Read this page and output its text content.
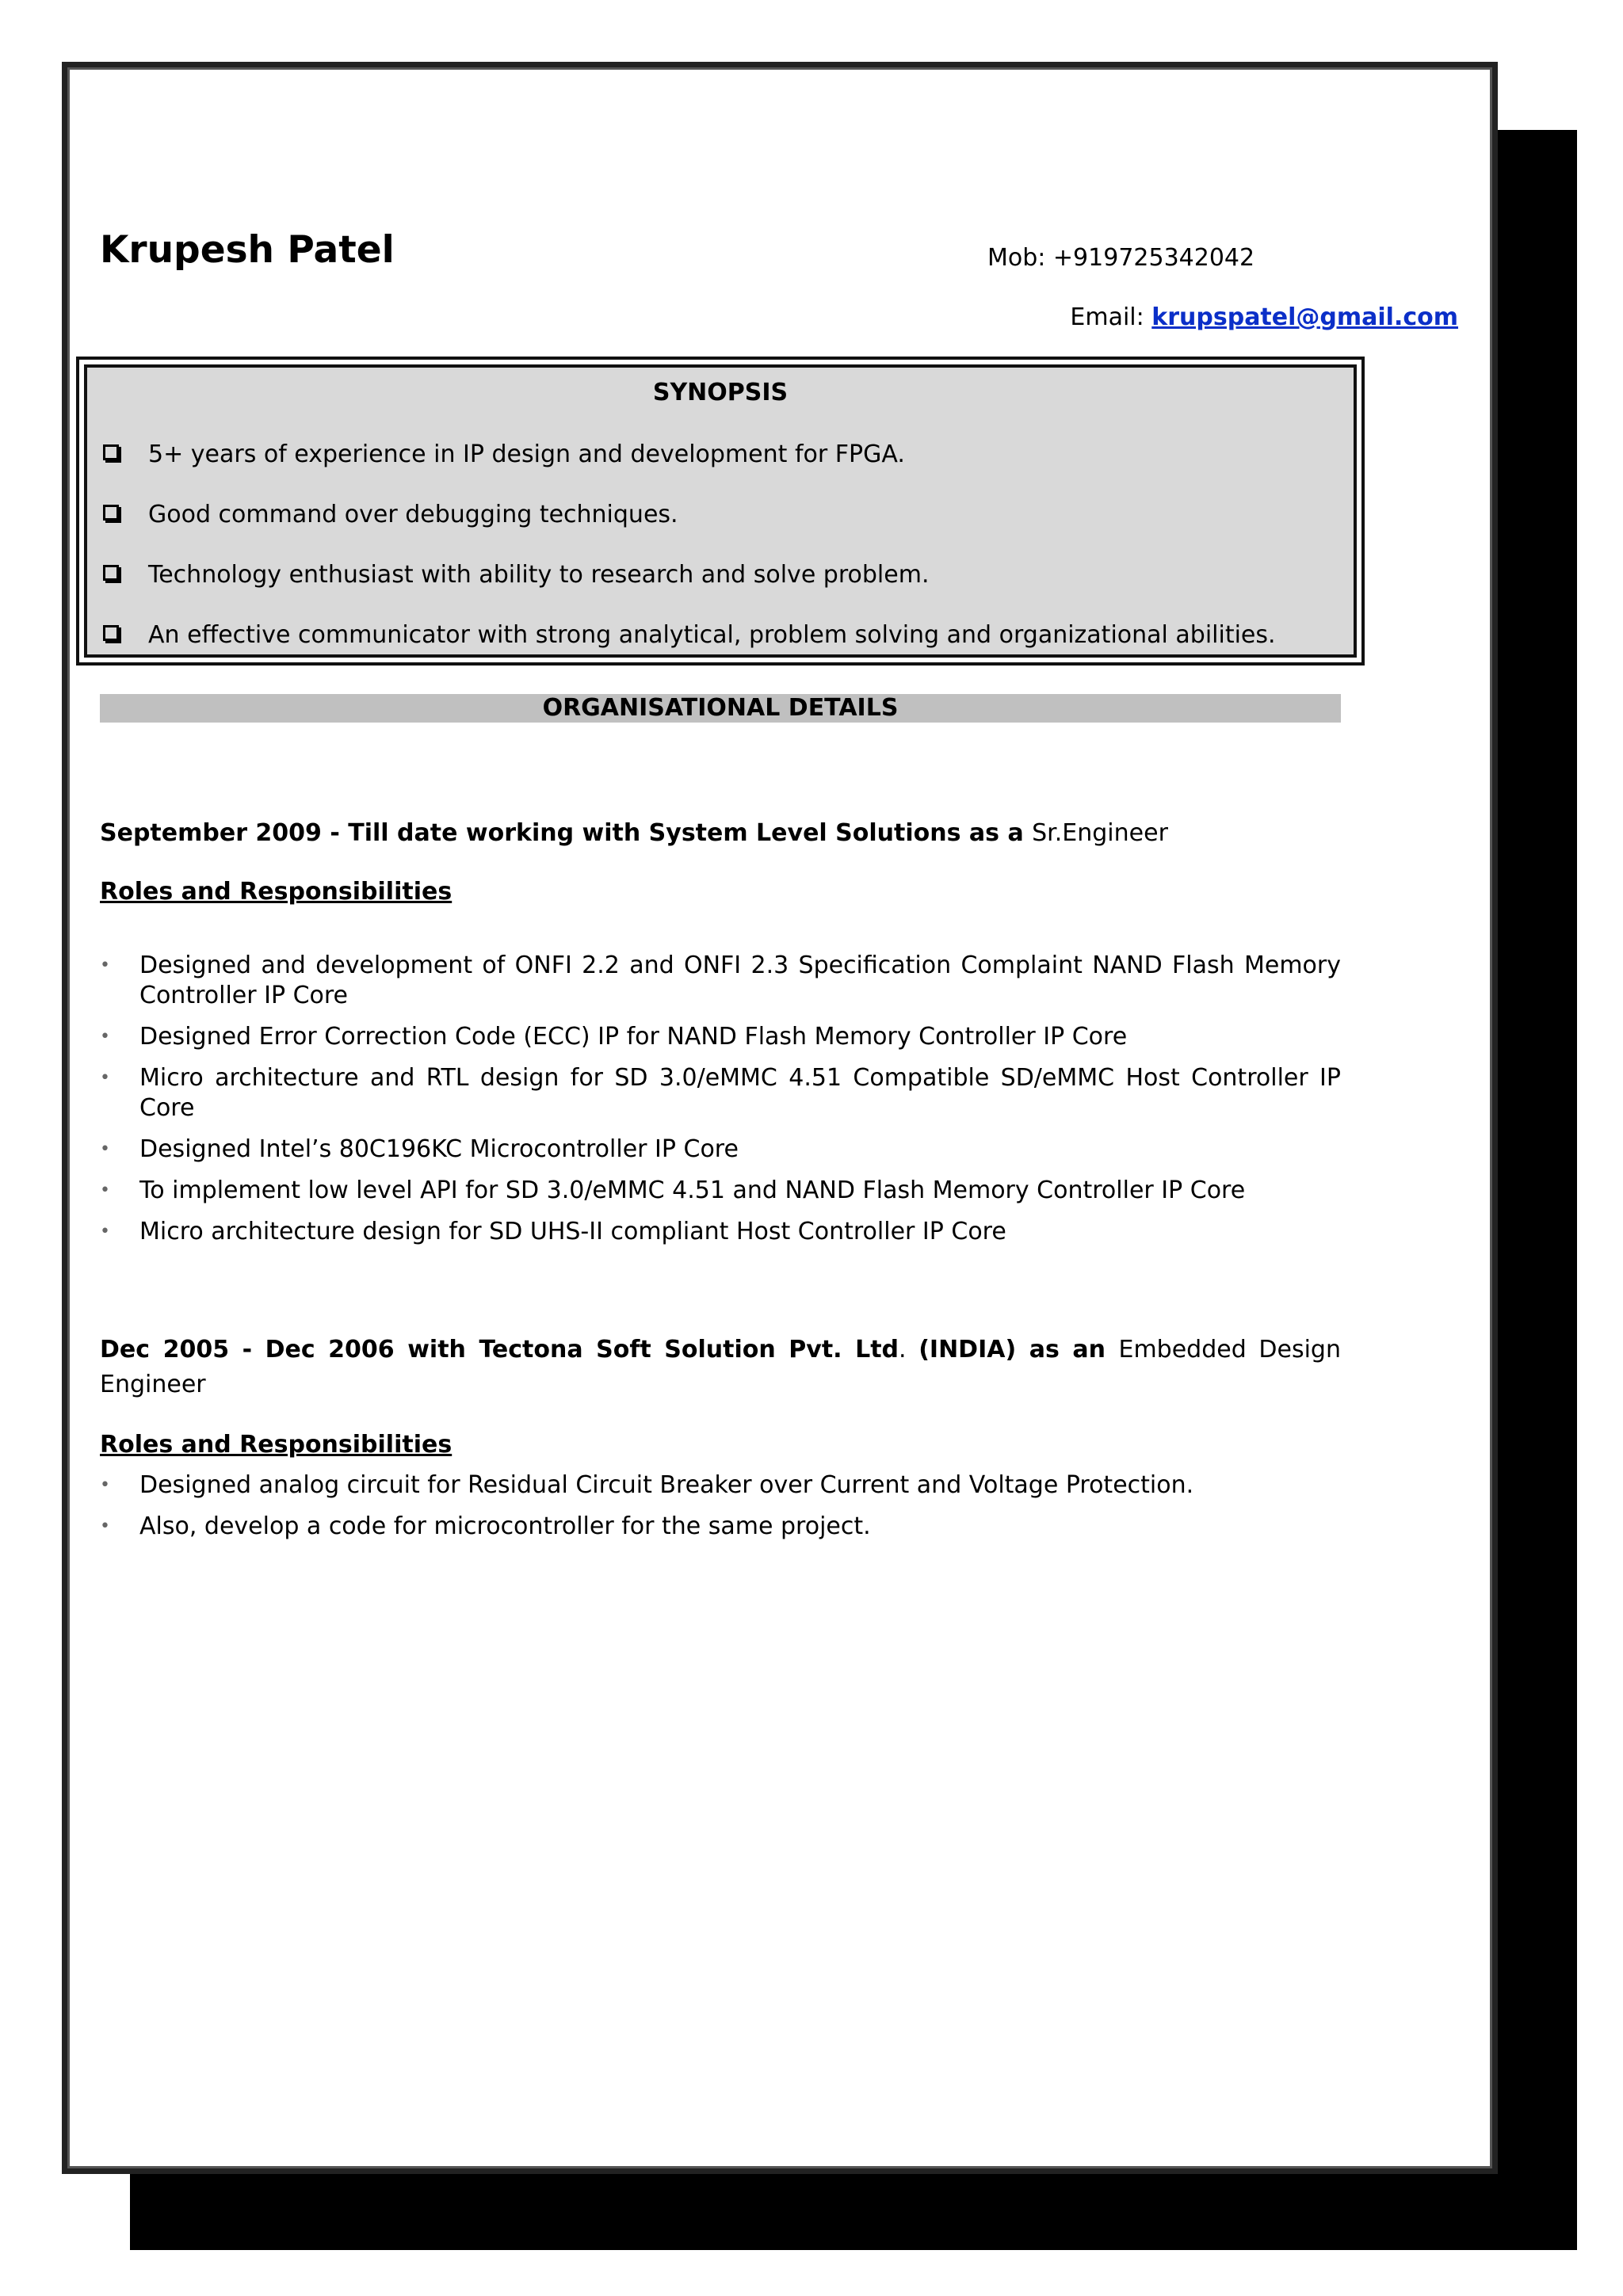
Krupesh Patel	Mob: +919725342042
Email: krupspatel@gmail.com
SYNOPSIS
5+ years of experience in IP design and development for FPGA.
Good command over debugging techniques.
Technology enthusiast with ability to research and solve problem.
An effective communicator with strong analytical, problem solving and organizational abilities.
ORGANISATIONAL DETAILS
September 2009 - Till date working with System Level Solutions as a Sr.Engineer
Roles and Responsibilities
• Designed and development of ONFI 2.2 and ONFI 2.3 Specification Complaint NAND Flash Memory Controller IP Core
• Designed Error Correction Code (ECC) IP for NAND Flash Memory Controller IP Core
• Micro architecture and RTL design for SD 3.0/eMMC 4.51 Compatible SD/eMMC Host Controller IP Core
• Designed Intel’s 80C196KC Microcontroller IP Core
• To implement low level API for SD 3.0/eMMC 4.51 and NAND Flash Memory Controller IP Core
• Micro architecture design for SD UHS-II compliant Host Controller IP Core
Dec 2005 - Dec 2006 with Tectona Soft Solution Pvt. Ltd. (INDIA) as an Embedded Design Engineer
Roles and Responsibilities
• Designed analog circuit for Residual Circuit Breaker over Current and Voltage Protection.
• Also, develop a code for microcontroller for the same project.
